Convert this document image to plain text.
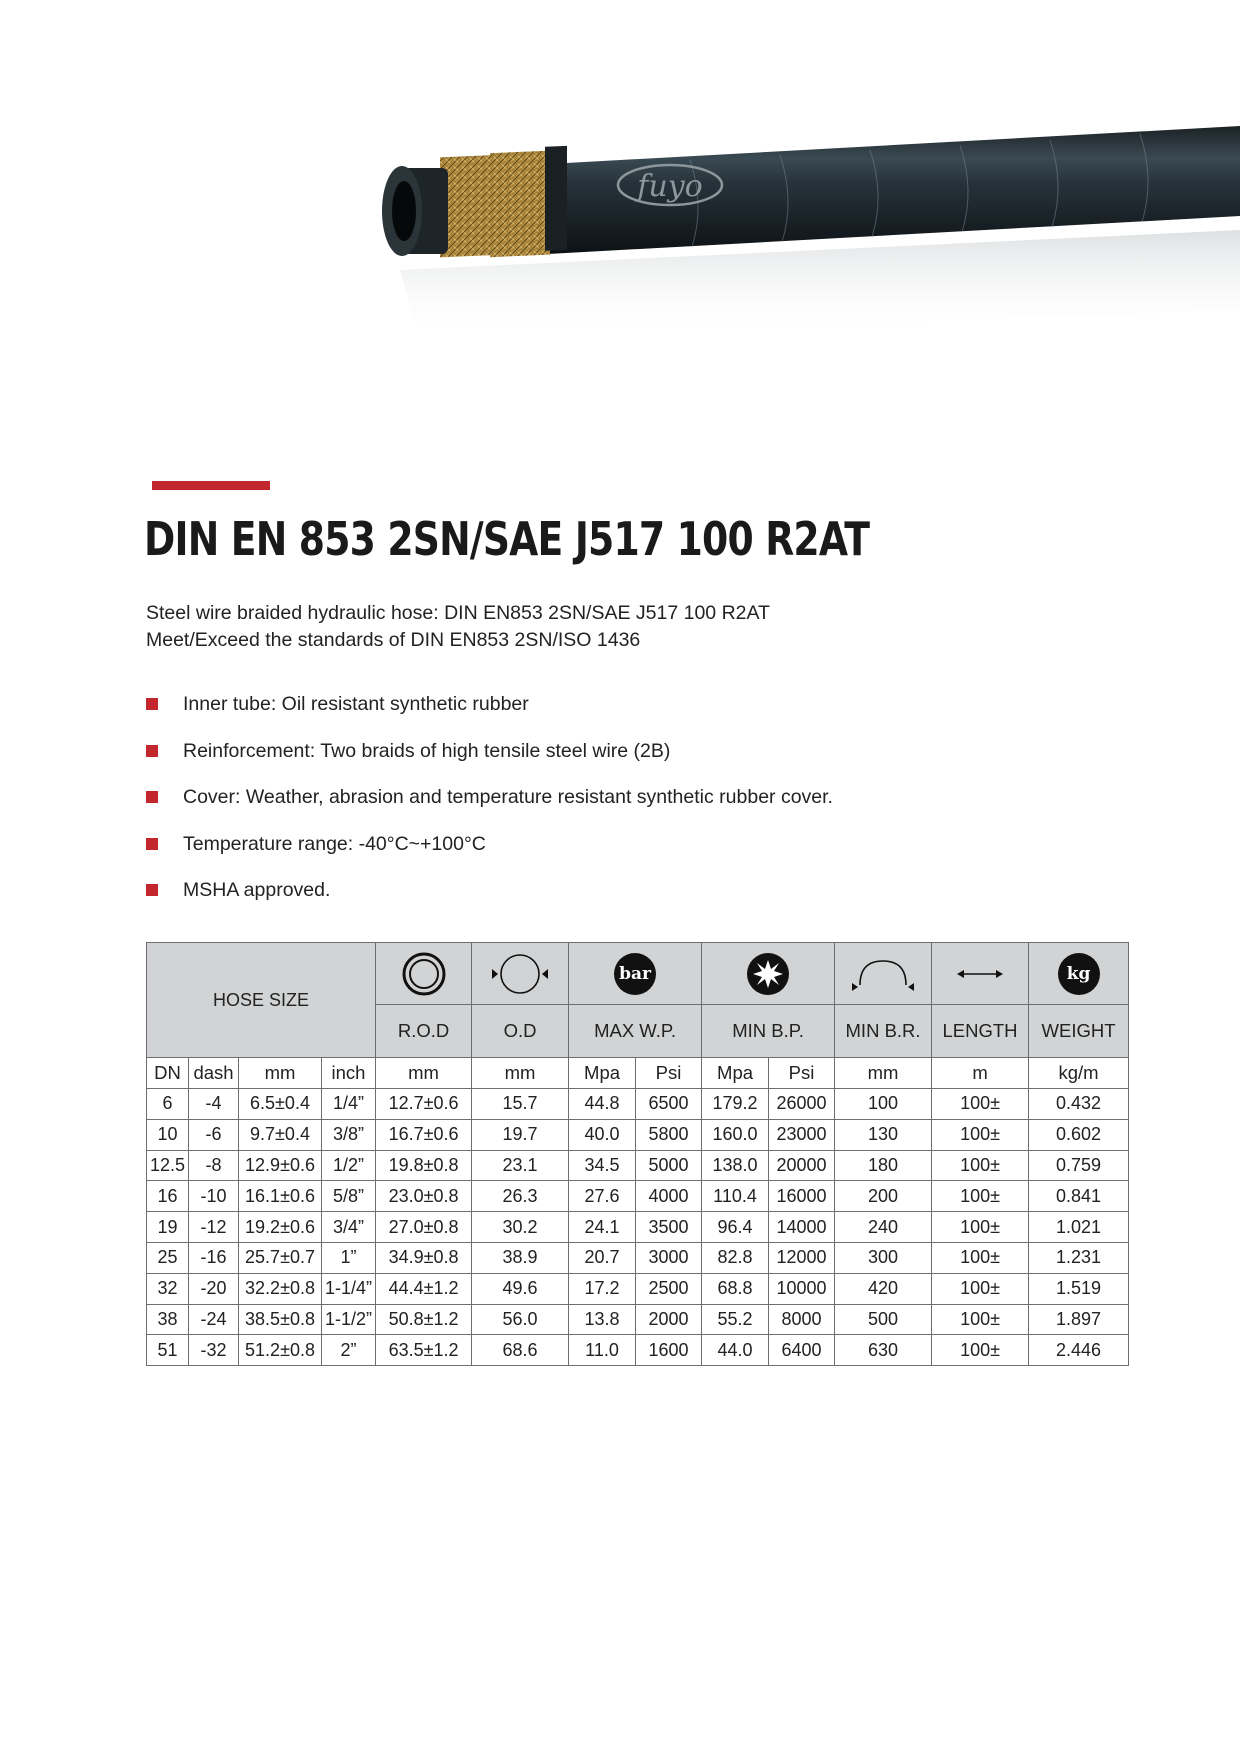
fuyo
DIN EN 853 2SN/SAE J517 100 R2AT
Steel wire braided hydraulic hose: DIN EN853 2SN/SAE J517 100 R2AT
Meet/Exceed the standards of DIN EN853 2SN/ISO 1436
Inner tube: Oil resistant synthetic rubber
Reinforcement: Two braids of high tensile steel wire (2B)
Cover: Weather, abrasion and temperature resistant synthetic rubber cover.
Temperature range: -40°C~+100°C
MSHA approved.
HOSE SIZE						bar						kg

				R.O.D	O.D	MAX W.P.		MIN B.P.		MIN B.R.	LENGTH	WEIGHT
DN	dash	mm	inch	mm	mm	Mpa	Psi	Mpa	Psi	mm	m	kg/m
6	-4	6.5±0.4	1/4”	12.7±0.6	15.7	44.8	6500	179.2	26000	100	100±	0.432
10	-6	9.7±0.4	3/8”	16.7±0.6	19.7	40.0	5800	160.0	23000	130	100±	0.602
12.5	-8	12.9±0.6	1/2”	19.8±0.8	23.1	34.5	5000	138.0	20000	180	100±	0.759
16	-10	16.1±0.6	5/8”	23.0±0.8	26.3	27.6	4000	110.4	16000	200	100±	0.841
19	-12	19.2±0.6	3/4”	27.0±0.8	30.2	24.1	3500	96.4	14000	240	100±	1.021
25	-16	25.7±0.7	1”	34.9±0.8	38.9	20.7	3000	82.8	12000	300	100±	1.231
32	-20	32.2±0.8	1-1/4”	44.4±1.2	49.6	17.2	2500	68.8	10000	420	100±	1.519
38	-24	38.5±0.8	1-1/2”	50.8±1.2	56.0	13.8	2000	55.2	8000	500	100±	1.897
51	-32	51.2±0.8	2”	63.5±1.2	68.6	11.0	1600	44.0	6400	630	100±	2.446
